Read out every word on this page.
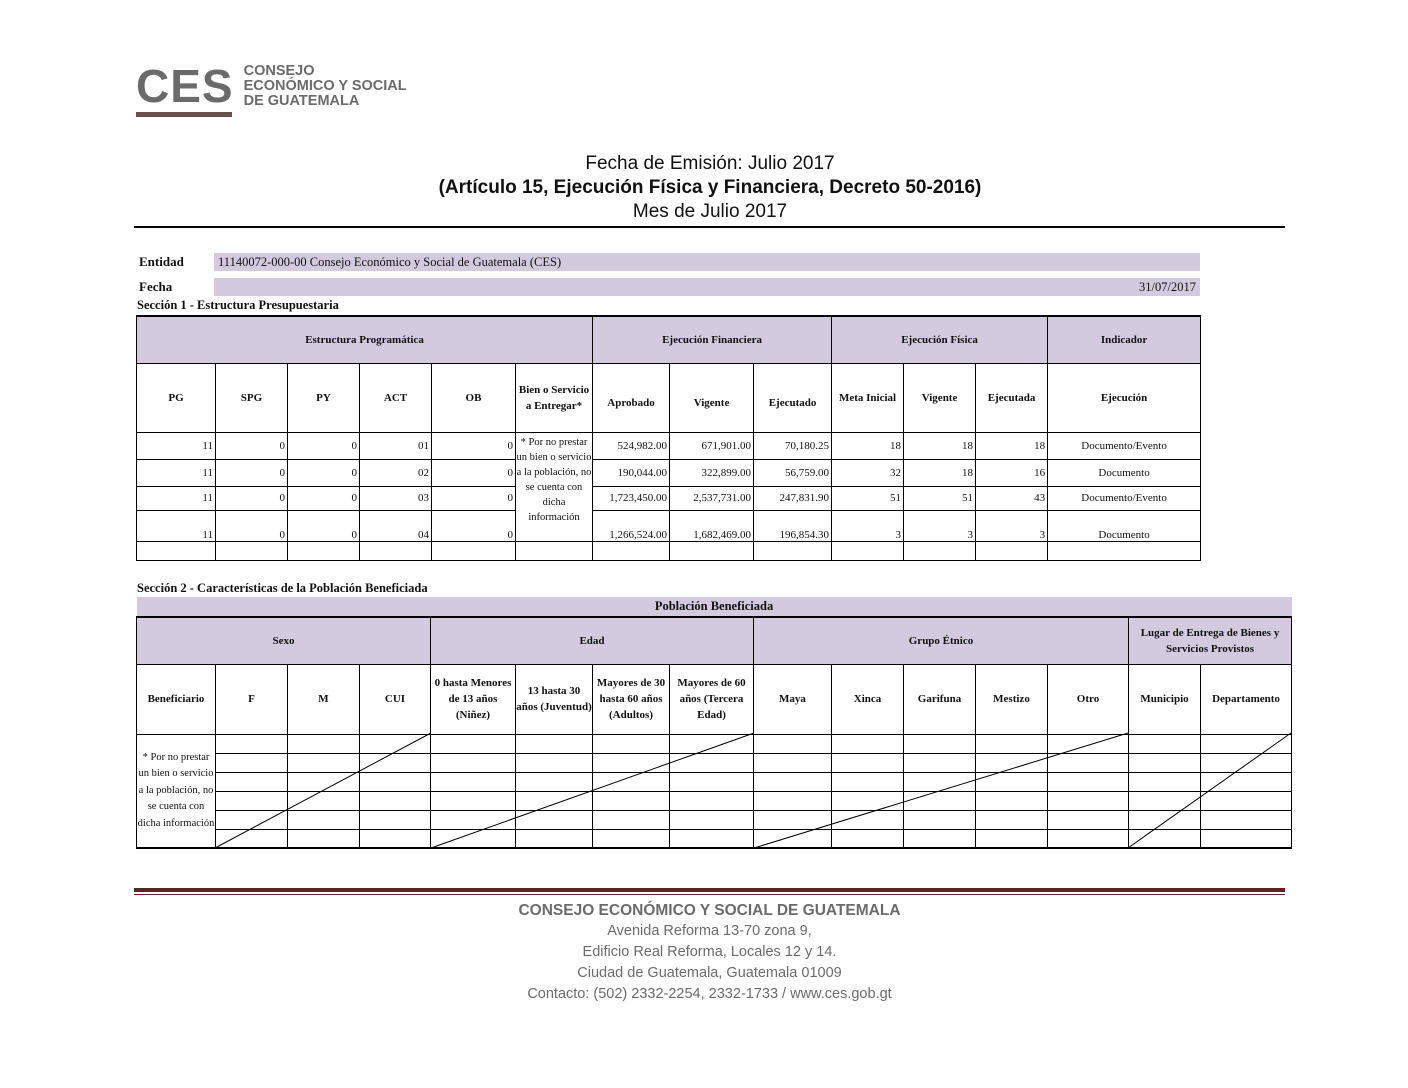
CES CONSEJO
ECONÓMICO Y SOCIAL
DE GUATEMALA
Fecha de Emisión: Julio 2017
(Artículo 15, Ejecución Física y Financiera, Decreto 50-2016)
Mes de Julio 2017
Entidad	11140072-000-00 Consejo Económico y Social de Guatemala (CES)
Fecha	31/07/2017
Sección 1 - Estructura Presupuestaria
Estructura Programática						Ejecución Financiera			Ejecución Física			Indicador
PG	SPG	PY	ACT	OB	Bien o Servicio a Entregar*	Aprobado	Vigente	Ejecutado	Meta Inicial	Vigente	Ejecutada	Ejecución
11	0	0	01	0	* Por no prestar un bien o servicio a la población, no se cuenta con dicha información	524,982.00	671,901.00	70,180.25	18	18	18	Documento/Evento
11	0	0	02	0		190,044.00	322,899.00	56,759.00	32	18	16	Documento
11	0	0	03	0		1,723,450.00	2,537,731.00	247,831.90	51	51	43	Documento/Evento
11	0	0	04	0		1,266,524.00	1,682,469.00	196,854.30	3	3	3	Documento

Sección 2 - Características de la Población Beneficiada
Población Beneficiada														
Sexo				Edad				Grupo Étnico					Lugar de Entrega de Bienes y Servicios Provistos	
Beneficiario	F	M	CUI	0 hasta Menores de 13 años (Niñez)	13 hasta 30 años (Juventud)	Mayores de 30 hasta 60 años (Adultos)	Mayores de 60 años (Tercera Edad)	Maya	Xinca	Garifuna	Mestizo	Otro	Municipio	Departamento
* Por no prestar un bien o servicio a la población, no se cuenta con dicha información														

CONSEJO ECONÓMICO Y SOCIAL DE GUATEMALA
Avenida Reforma 13-70 zona 9,
Edificio Real Reforma, Locales 12 y 14.
Ciudad de Guatemala, Guatemala 01009
Contacto: (502) 2332-2254, 2332-1733 / www.ces.gob.gt
